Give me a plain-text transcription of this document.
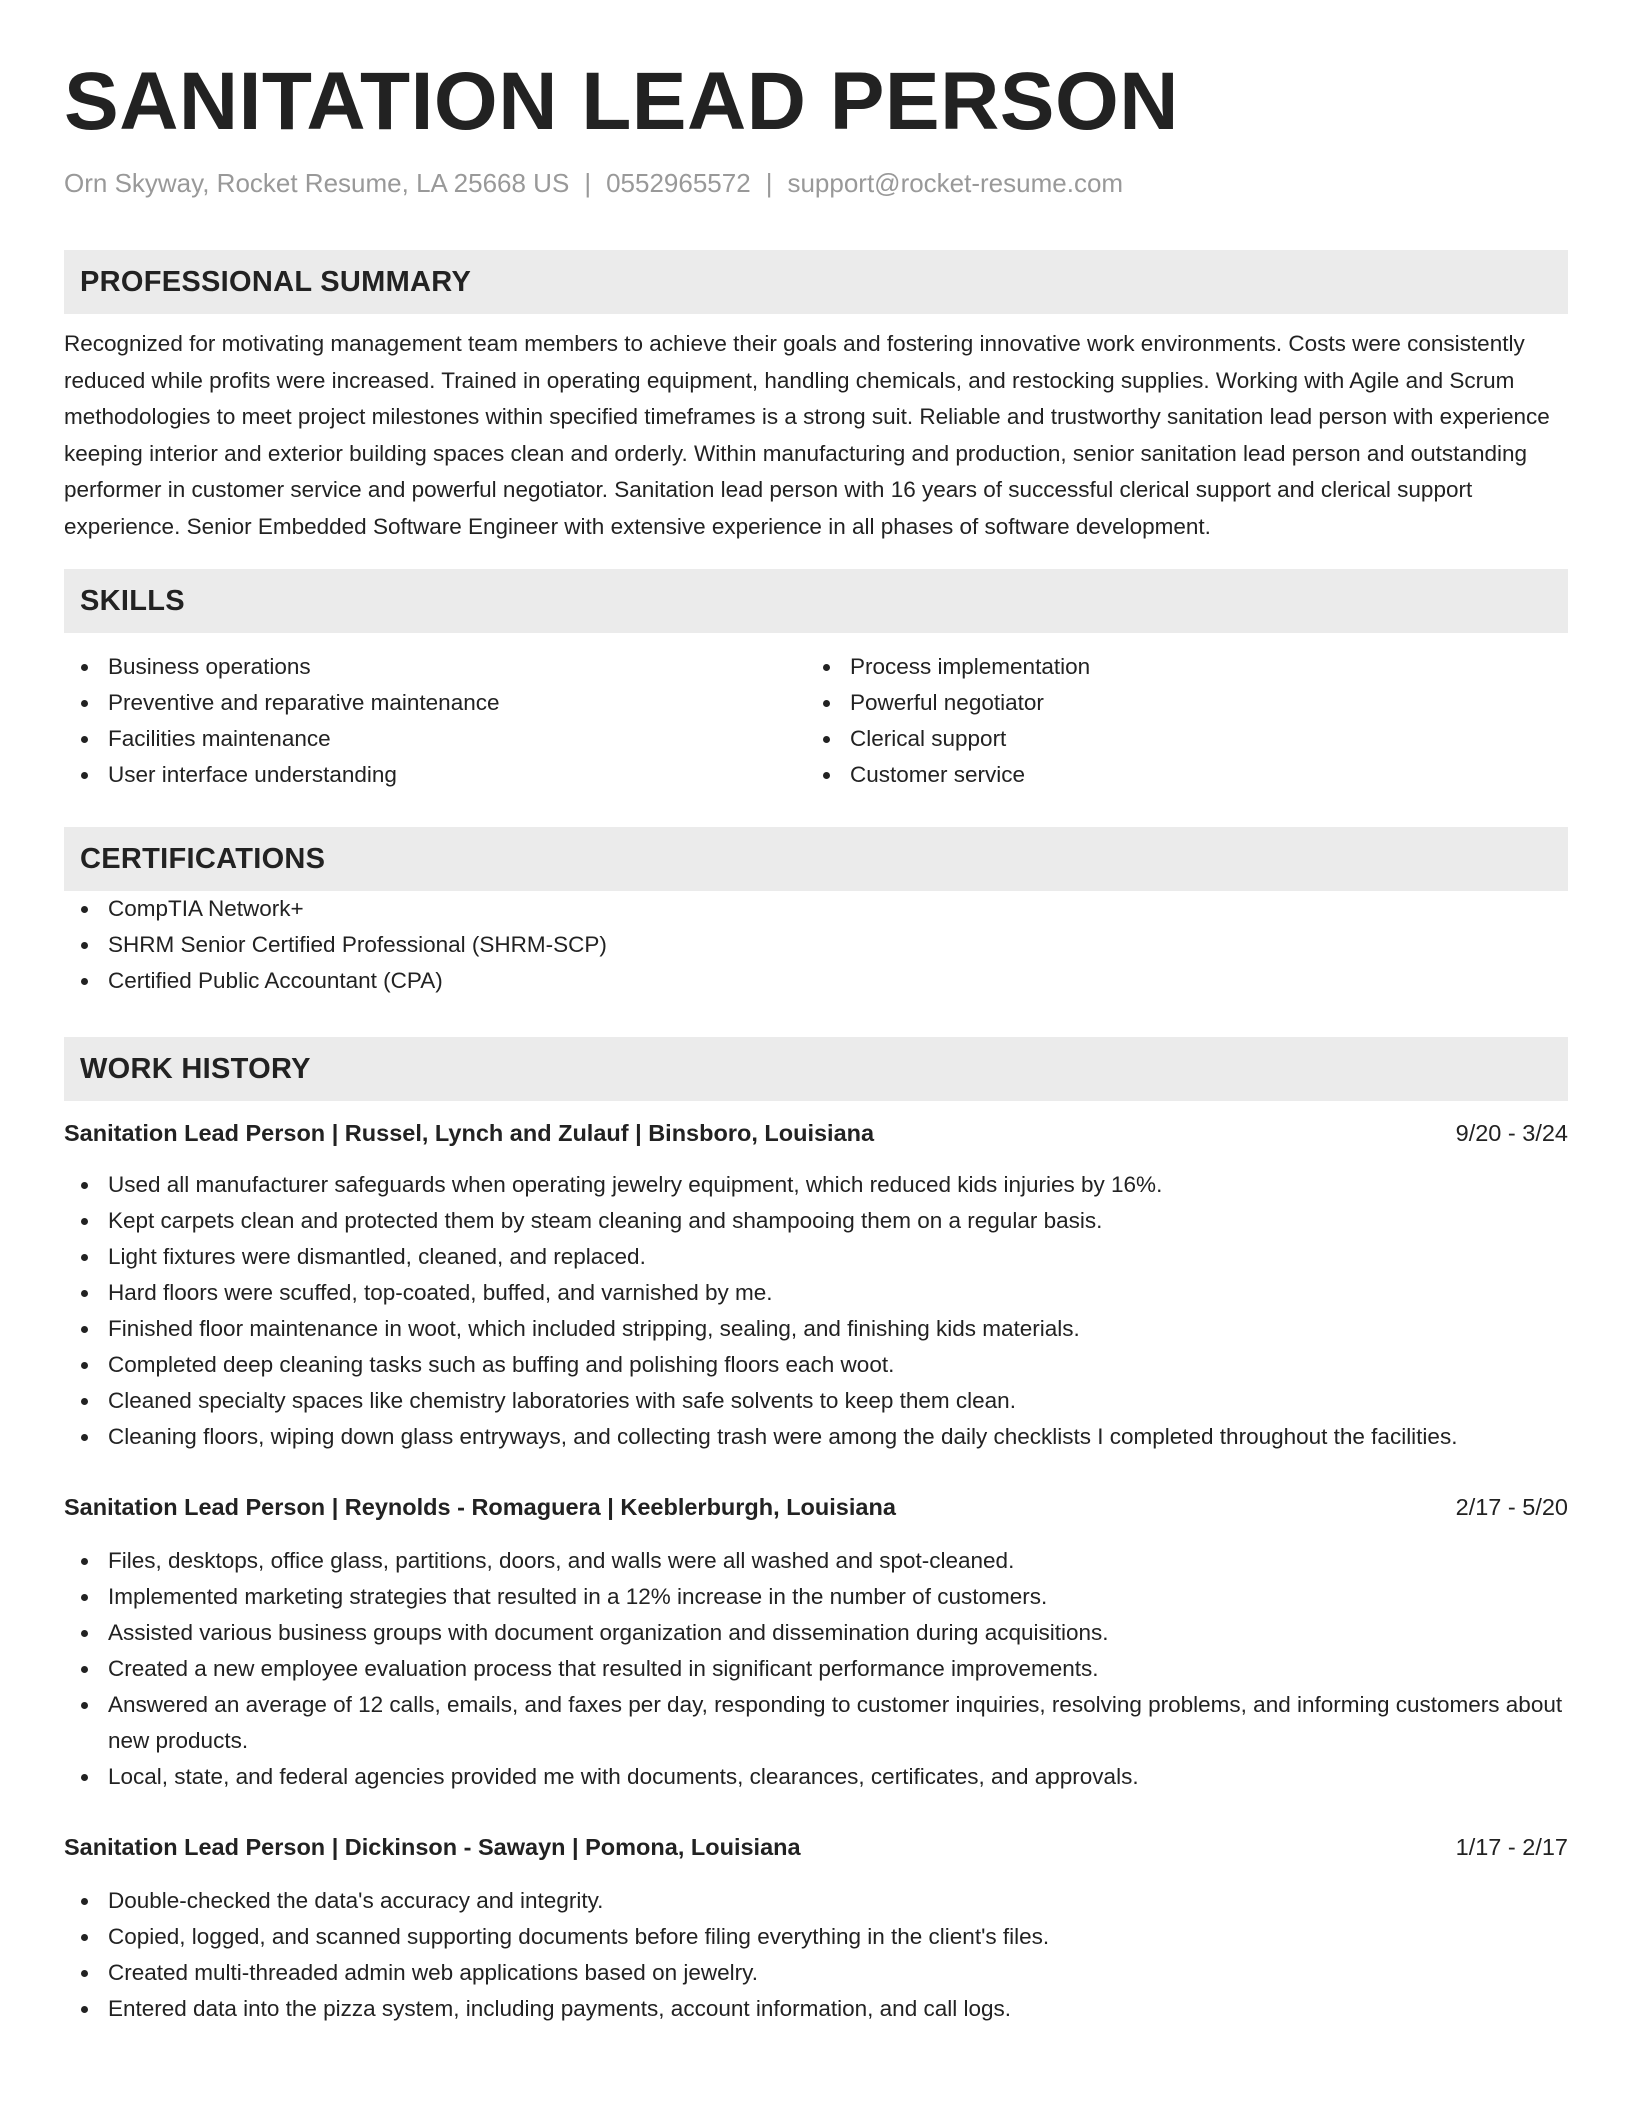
SANITATION LEAD PERSON
Orn Skyway, Rocket Resume, LA 25668 US | 0552965572 | support@rocket-resume.com
PROFESSIONAL SUMMARY

Recognized for motivating management team members to achieve their goals and fostering innovative work environments. Costs were consistently reduced while profits were increased. Trained in operating equipment, handling chemicals, and restocking supplies. Working with Agile and Scrum methodologies to meet project milestones within specified timeframes is a strong suit. Reliable and trustworthy sanitation lead person with experience keeping interior and exterior building spaces clean and orderly. Within manufacturing and production, senior sanitation lead person and outstanding performer in customer service and powerful negotiator. Sanitation lead person with 16 years of successful clerical support and clerical support experience. Senior Embedded Software Engineer with extensive experience in all phases of software development.

SKILLS
Business operations
Preventive and reparative maintenance
Facilities maintenance
User interface understanding
Process implementation
Powerful negotiator
Clerical support
Customer service
CERTIFICATIONS
CompTIA Network+
SHRM Senior Certified Professional (SHRM-SCP)
Certified Public Accountant (CPA)
WORK HISTORY
Sanitation Lead Person | Russel, Lynch and Zulauf | Binsboro, Louisiana	9/20 - 3/24
Used all manufacturer safeguards when operating jewelry equipment, which reduced kids injuries by 16%.
Kept carpets clean and protected them by steam cleaning and shampooing them on a regular basis.
Light fixtures were dismantled, cleaned, and replaced.
Hard floors were scuffed, top-coated, buffed, and varnished by me.
Finished floor maintenance in woot, which included stripping, sealing, and finishing kids materials.
Completed deep cleaning tasks such as buffing and polishing floors each woot.
Cleaned specialty spaces like chemistry laboratories with safe solvents to keep them clean.
Cleaning floors, wiping down glass entryways, and collecting trash were among the daily checklists I completed throughout the facilities.
Sanitation Lead Person | Reynolds - Romaguera | Keeblerburgh, Louisiana	2/17 - 5/20
Files, desktops, office glass, partitions, doors, and walls were all washed and spot-cleaned.
Implemented marketing strategies that resulted in a 12% increase in the number of customers.
Assisted various business groups with document organization and dissemination during acquisitions.
Created a new employee evaluation process that resulted in significant performance improvements.
Answered an average of 12 calls, emails, and faxes per day, responding to customer inquiries, resolving problems, and informing customers about new products.
Local, state, and federal agencies provided me with documents, clearances, certificates, and approvals.
Sanitation Lead Person | Dickinson - Sawayn | Pomona, Louisiana	1/17 - 2/17
Double-checked the data's accuracy and integrity.
Copied, logged, and scanned supporting documents before filing everything in the client's files.
Created multi-threaded admin web applications based on jewelry.
Entered data into the pizza system, including payments, account information, and call logs.
